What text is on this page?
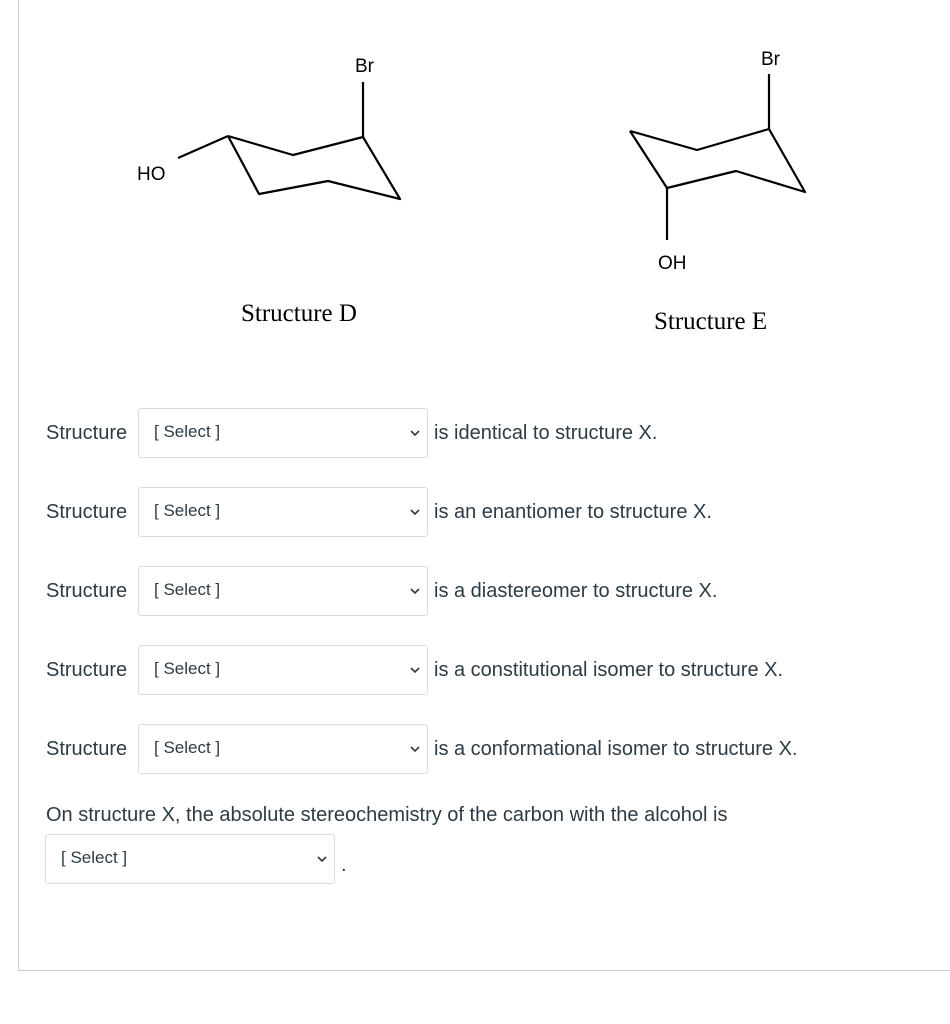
Br
HO
Structure D
Br
OH
Structure E
Structure	[ Select ]	is identical to structure X.
Structure	[ Select ]	is an enantiomer to structure X.
Structure	[ Select ]	is a diastereomer to structure X.
Structure	[ Select ]	is a constitutional isomer to structure X.
Structure	[ Select ]	is a conformational isomer to structure X.
On structure X, the absolute stereochemistry of the carbon with the alcohol is
[ Select ]	.
